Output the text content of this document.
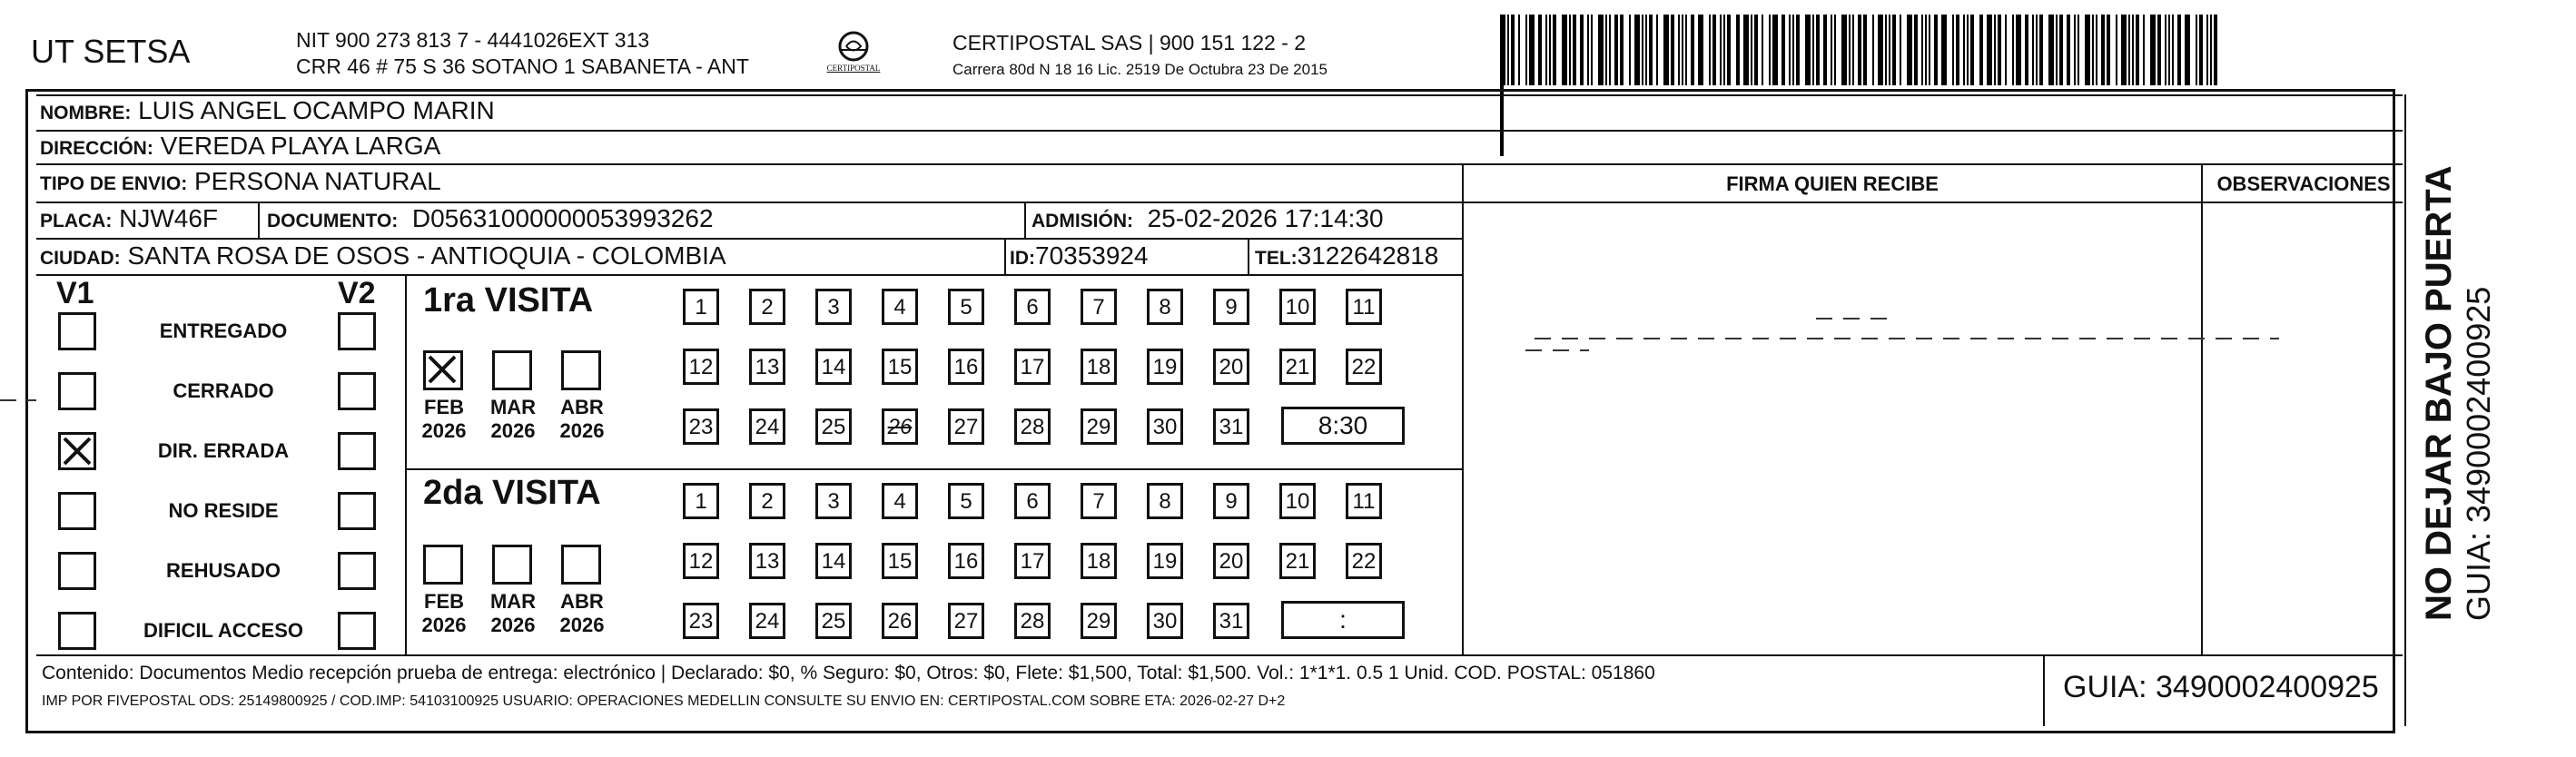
UT SETSA	NIT 900 273 813 7 - 4441026EXT 313
CRR 46 # 75 S 36 SOTANO 1 SABANETA - ANT	CERTIPOSTAL
CERTIPOSTAL SAS | 900 151 122 - 2
Carrera 80d N 18 16 Lic. 2519 De Octubra 23 De 2015
NOMBRE: LUIS ANGEL OCAMPO MARIN
DIRECCIÓN: VEREDA PLAYA LARGA
TIPO DE ENVIO: PERSONA NATURAL
PLACA: NJW46F	DOCUMENTO: D05631000000053993262	ADMISIÓN: 25-02-2026 17:14:30
CIUDAD: SANTA ROSA DE OSOS - ANTIOQUIA - COLOMBIA	ID:70353924	TEL:3122642818
FIRMA QUIEN RECIBE	OBSERVACIONES
V1	V2 1ra VISITA
2da VISITA
Contenido: Documentos Medio recepción prueba de entrega: electrónico | Declarado: $0, % Seguro: $0, Otros: $0, Flete: $1,500, Total: $1,500. Vol.: 1*1*1. 0.5 1 Unid. COD. POSTAL: 051860
IMP POR FIVEPOSTAL ODS: 25149800925 / COD.IMP: 54103100925 USUARIO: OPERACIONES MEDELLIN CONSULTE SU ENVIO EN: CERTIPOSTAL.COM SOBRE ETA: 2026-02-27 D+2	GUIA: 3490002400925
NO DEJAR BAJO PUERTA GUIA: 3490002400925
ENTREGADO
CERRADO
DIR. ERRADA
NO RESIDE
REHUSADO
DIFICIL ACCESO
1	2	3	4	5	6	7	8	9	10	11
12 13 14 15 16 17 18 19 20 21 22
23 24 25 26 27 28 29 30 31	8:30
FEB
2026
MAR
2026
ABR
2026
1	2	3	4	5	6	7	8	9	10	11
12 13 14 15 16 17 18 19 20 21 22
23 24 25 26 27 28 29 30 31	:
FEB
2026
MAR
2026
ABR
2026
